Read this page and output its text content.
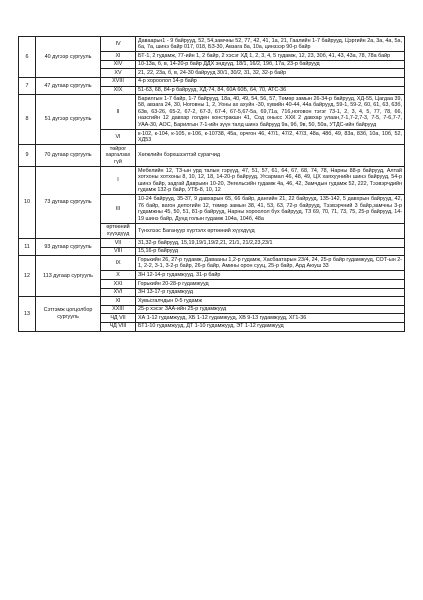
6	40 дүгээр сургууль	IV	Даваарьн1 - 9 байрууд, 52, 54,замчны 52, 77, 42, 41, 1а, 21, Гаалийн 1-7 байрууд, Цэргийн 2а, 3а, 4а, 5а, 6а, 7а, шинэ байр 017, 018, БЗ-30, Авзага 8а, 10а, цинзээр 90-р байр
		XI	БТ-1, 2 гудамж, 77-ийн 1, 2 байр, 2 хэсэг ХД 1, 2, 3, 4, 5 гудамж, 12, 23, 30б, 41, 43, 43а, 78, 78а байр
		XIV	10-13а, б, в, 14-20-р байр ДДХ эндүүд, 18/1, 16/2, 19б, 17а, 23-р байрууд
		XV	21, 22, 23а, б, в, 24-30 байрууд 30/1, 30/2, 31, 32, 32-р байр
7	47 дугаар сургууль	XVIII	4-р хороолол 14-р байр
		XIX	51-63, 68, 84-р байрууд, ХД-74, 84, 60А 60Б, 64, 70, АТС-36
8	51 дүгээр сургууль	II	Барилгын 1-7 байр, 1-7 байрууд, 18а, 40, 49, 54, 56, 57, Төмөр замын 26-34-р байрууд, ХД-55, Цагдаа 39, 58, авзага 24, 30, Ноговны 1, 2, Уоны ах ахуйн -30, хувийн 40-44, 44а байрууд, 59-1, 59-2, 60, 61, 63, 63б, 63в, 63-26, 65-2, 67-2, 67-3, 67-4, 67-5,67-5а, 69,71а, 716,ноговон тэгэг 73-1, 2, 3, 4, 5, 77, 78, 66, назсгийн 12 давхар голден констракшн 41, Сод онысс ХХК 2 давхар улаан,7-1,7-2,7-3, 7-5, 7-6,7-7, УАА-30, АОС, Барилгын 7-1-ийн зүүн талд шинэ байрууд 9а, 9б, 9в, 50, 50а, УТДС-ийн байрууд
		VI	к-102, к-104, к-105, к-106, к-10738, 45а, орчгон 46, 47/1, 47/2, 47/3, 48а, 48б, 49, 83а, 83б, 10а, 10б, 52, ХД53
9	70 дугаар сургууль	төйрог харгалзах гүй	Хөгжлийн бэрхшээлтэй сурагчид
10	73 дугаар сургууль	I	Мебелийн 12, ТЗ-ын урд талын гэрүүд, 47, 51, 57, 61, 64, 67, 68, 74, 78, Нарны 88-р байрууд, Алтай хотхоны хотхоны 8, 10, 12, 18, 14-20-р байрууд, Угсармал 46, 48, 49, ЦХ хаяхуунийн шинэ байрууд, 54-р шинэ байр, задгай Даврыин 10-20, Энгельсийн гудамж 4а, 46, 42, Замчдын гудамж 52, 222, Тээвэрчдийн гудамж 132-р байр, УТБ-8, 10, 12
		III	10-24 байрууд, 35-37, 9 давхарын 65, 66 байр, дангийн 21, 22 байрууд, 135-142, 5 давхрын байрууд, 42, 76 байр, вагон депогийн 12, төмөр замын 38, 41, 53, 63, 72-р байрууд, Тээвэрчний 3 байр,замчны 3-р гудамжны 45, 50, 51, 81-р байрууд, Нарны хороолол бүх байрууд, ТЗ 69, 70, 71, 73, 75, 25-р байрууд, 14-19 шинэ байр, Дунд голын гудамж 104а, 104б, 48а
		өртөөний хүүхдүүд	Түнхлээс Багануур хүртэлх өртөөний хүүхдүүд
11	93 дугаар сургууль	VII	31,32-р байрууд, 15,19,19/1,19/2,21, 21/1, 21/2,23,23/1
		VIII	15,16-р байрууд
12	113 дугаар сургууль	IX	Горькийн 26, 27-р гудамж, Давааны 1,2-р гудамж, Хасбаатарын 23/4, 24, 25-р байр гудамжууд, СОТ-ын 2-1, 2-2, 3-1, 3-2-р байр, 26-р байр, Амины орон сууц, 25-р байр, Ард Аюуш 33
		X	ЗН 12-14-р гудамжууд, 31-р байр
		XXI	Горькийн 20-28-р гудамжууд
		XVI	ЗН 13-17-р гудамжууд
13	Сэтгэмж цогцолбор сургууль	XI	Хувьсгалчдын 0-5 гудамж
		XXIII	25-р хэсэг ЗАА-ийн 25-р гудамжууд
		ЧД VII	ХА 1-12 гудамжууд, ХБ 1-12 гудамжууд, ХВ 9-13 гудамжууд, ХГ1-36
		ЧД VIII	БТ1-10 гудамжууд, ДТ 1-10 гудамжууд, ЭТ 1-12 гудамжууд
